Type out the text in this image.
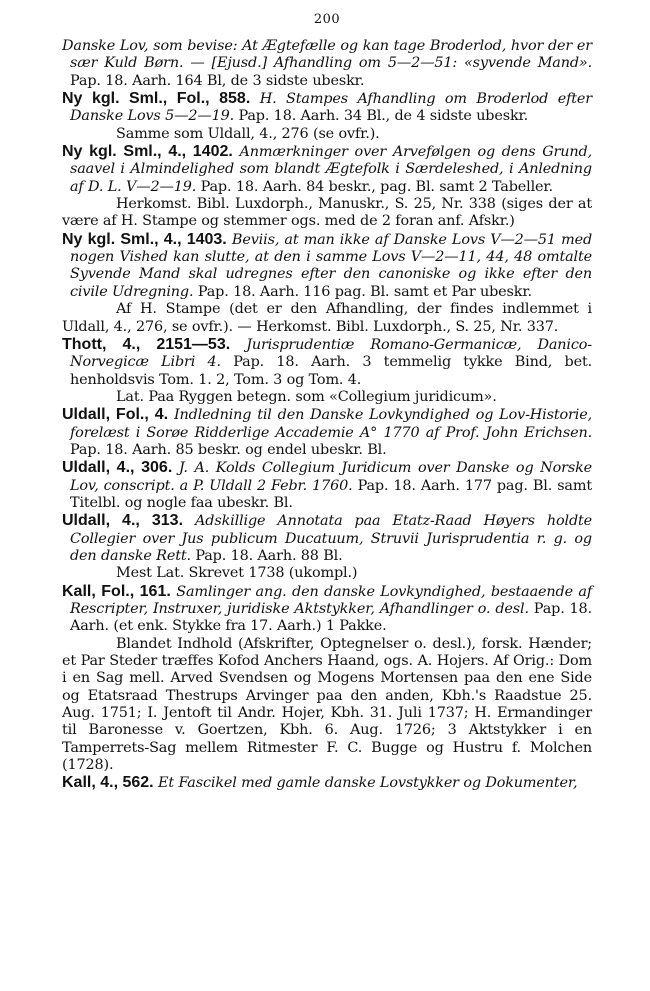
200

Danske Lov, som bevise: At Ægtefælle og kan tage Broderlod, hvor der er sær Kuld Børn. — [Ejusd.] Afhandling om 5—2—51: «syvende Mand». Pap. 18. Aarh. 164 Bl, de 3 sidste ubeskr.

Ny kgl. Sml., Fol., 858. H. Stampes Afhandling om Broderlod efter Danske Lovs 5—2—19. Pap. 18. Aarh. 34 Bl., de 4 sidste ubeskr.

Samme som Uldall, 4., 276 (se ovfr.).

Ny kgl. Sml., 4., 1402. Anmærkninger over Arvefølgen og dens Grund, saavel i Almindelighed som blandt Ægtefolk i Særdeleshed, i Anledning af D. L. V—2—19. Pap. 18. Aarh. 84 beskr., pag. Bl. samt 2 Tabeller.

Herkomst. Bibl. Luxdorph., Manuskr., S. 25, Nr. 338 (siges der at være af H. Stampe og stemmer ogs. med de 2 foran anf. Afskr.)

Ny kgl. Sml., 4., 1403. Beviis, at man ikke af Danske Lovs V—2—51 med nogen Vished kan slutte, at den i samme Lovs V—2—11, 44, 48 omtalte Syvende Mand skal udregnes efter den canoniske og ikke efter den civile Udregning. Pap. 18. Aarh. 116 pag. Bl. samt et Par ubeskr.

Af H. Stampe (det er den Afhandling, der findes indlemmet i Uldall, 4., 276, se ovfr.). — Herkomst. Bibl. Luxdorph., S. 25, Nr. 337.

Thott, 4., 2151—53. Jurisprudentiæ Romano-Germanicæ, Danico-Norvegicæ Libri 4. Pap. 18. Aarh. 3 temmelig tykke Bind, bet. henholdsvis Tom. 1. 2, Tom. 3 og Tom. 4.

Lat. Paa Ryggen betegn. som «Collegium juridicum».

Uldall, Fol., 4. Indledning til den Danske Lovkyndighed og Lov-Historie, forelæst i Sorøe Ridderlige Accademie A° 1770 af Prof. John Erichsen. Pap. 18. Aarh. 85 beskr. og endel ubeskr. Bl.

Uldall, 4., 306. J. A. Kolds Collegium Juridicum over Danske og Norske Lov, conscript. a P. Uldall 2 Febr. 1760. Pap. 18. Aarh. 177 pag. Bl. samt Titelbl. og nogle faa ubeskr. Bl.

Uldall, 4., 313. Adskillige Annotata paa Etatz-Raad Høyers holdte Collegier over Jus publicum Ducatuum, Struvii Jurisprudentia r. g. og den danske Rett. Pap. 18. Aarh. 88 Bl.

Mest Lat. Skrevet 1738 (ukompl.)

Kall, Fol., 161. Samlinger ang. den danske Lovkyndighed, bestaaende af Rescripter, Instruxer, juridiske Aktstykker, Afhandlinger o. desl. Pap. 18. Aarh. (et enk. Stykke fra 17. Aarh.) 1 Pakke.

Blandet Indhold (Afskrifter, Optegnelser o. desl.), forsk. Hænder; et Par Steder træffes Kofod Anchers Haand, ogs. A. Hojers. Af Orig.: Dom i en Sag mell. Arved Svendsen og Mogens Mortensen paa den ene Side og Etatsraad Thestrups Arvinger paa den anden, Kbh.'s Raadstue 25. Aug. 1751; I. Jentoft til Andr. Hojer, Kbh. 31. Juli 1737; H. Ermandinger til Baronesse v. Goertzen, Kbh. 6. Aug. 1726; 3 Aktstykker i en Tamperrets-Sag mellem Ritmester F. C. Bugge og Hustru f. Molchen (1728).

Kall, 4., 562. Et Fascikel med gamle danske Lovstykker og Dokumenter,
